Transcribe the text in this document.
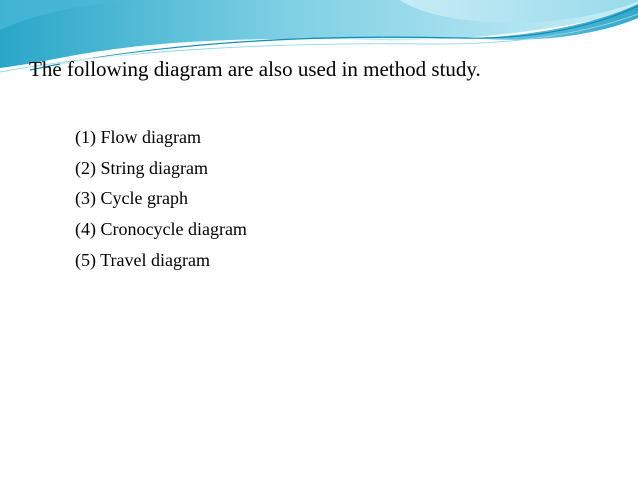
The following diagram are also used in method study.
(1) Flow diagram
(2) String diagram
(3) Cycle graph
(4) Cronocycle diagram
(5) Travel diagram
